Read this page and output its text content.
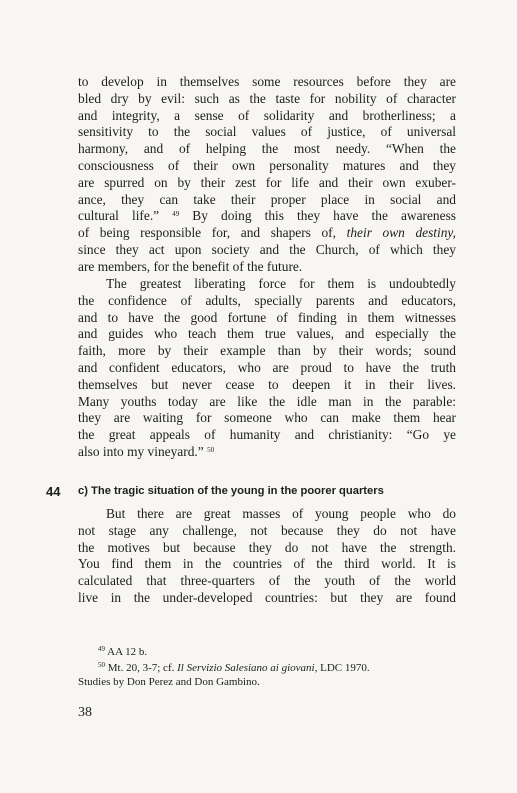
to develop in themselves some resources before they are
bled dry by evil: such as the taste for nobility of character
and integrity, a sense of solidarity and brotherliness; a
sensitivity to the social values of justice, of universal
harmony, and of helping the most needy. “When the
consciousness of their own personality matures and they
are spurred on by their zest for life and their own exuber-
ance, they can take their proper place in social and
cultural life.” $^{49}$ By doing this they have the awareness
of being responsible for, and shapers of, their own destiny,
since they act upon society and the Church, of which they
are members, for the benefit of the future.
The greatest liberating force for them is undoubtedly
the confidence of adults, specially parents and educators,
and to have the good fortune of finding in them witnesses
and guides who teach them true values, and especially the
faith, more by their example than by their words; sound
and confident educators, who are proud to have the truth
themselves but never cease to deepen it in their lives.
Many youths today are like the idle man in the parable:
they are waiting for someone who can make them hear
the great appeals of humanity and christianity: “Go ye
also into my vineyard.” $^{50}$
44 c) The tragic situation of the young in the poorer quarters
But there are great masses of young people who do
not stage any challenge, not because they do not have
the motives but because they do not have the strength.
You find them in the countries of the third world. It is
calculated that three-quarters of the youth of the world
live in the under-developed countries: but they are found

$^{49}$ AA 12 b.

$^{50}$ Mt. 20, 3-7; cf. Il Servizio Salesiano ai giovani, LDC 1970.
Studies by Don Perez and Don Gambino.

38
